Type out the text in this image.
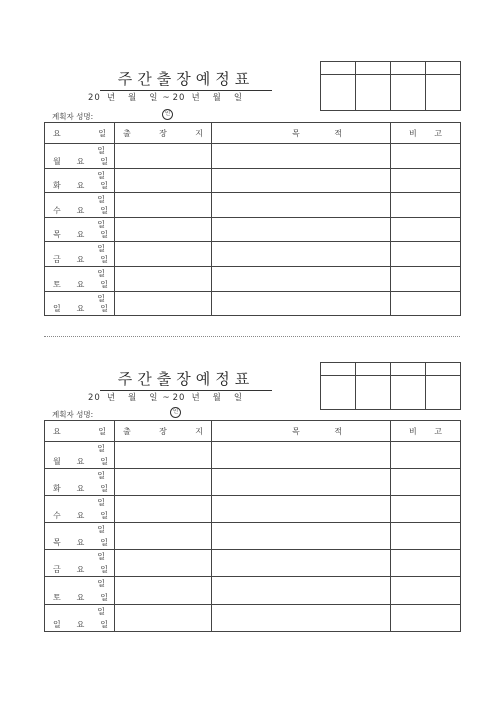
주간출장예정표
20 년 월 일 ~ 20 년 월 일
계획자 성명:	인

요 일	출 장 지	목 적	비 고

일
월 요 일			

일
화 요 일			

일
수 요 일			

일
목 요 일			

일
금 요 일			

일
토 요 일			

일
일 요 일			

주간출장예정표
20 년 월 일 ~ 20 년 월 일
계획자 성명:	인

요 일	출 장 지	목 적	비 고

일
월 요 일			

일
화 요 일			

일
수 요 일			

일
목 요 일			

일
금 요 일			

일
토 요 일			

일
일 요 일			
